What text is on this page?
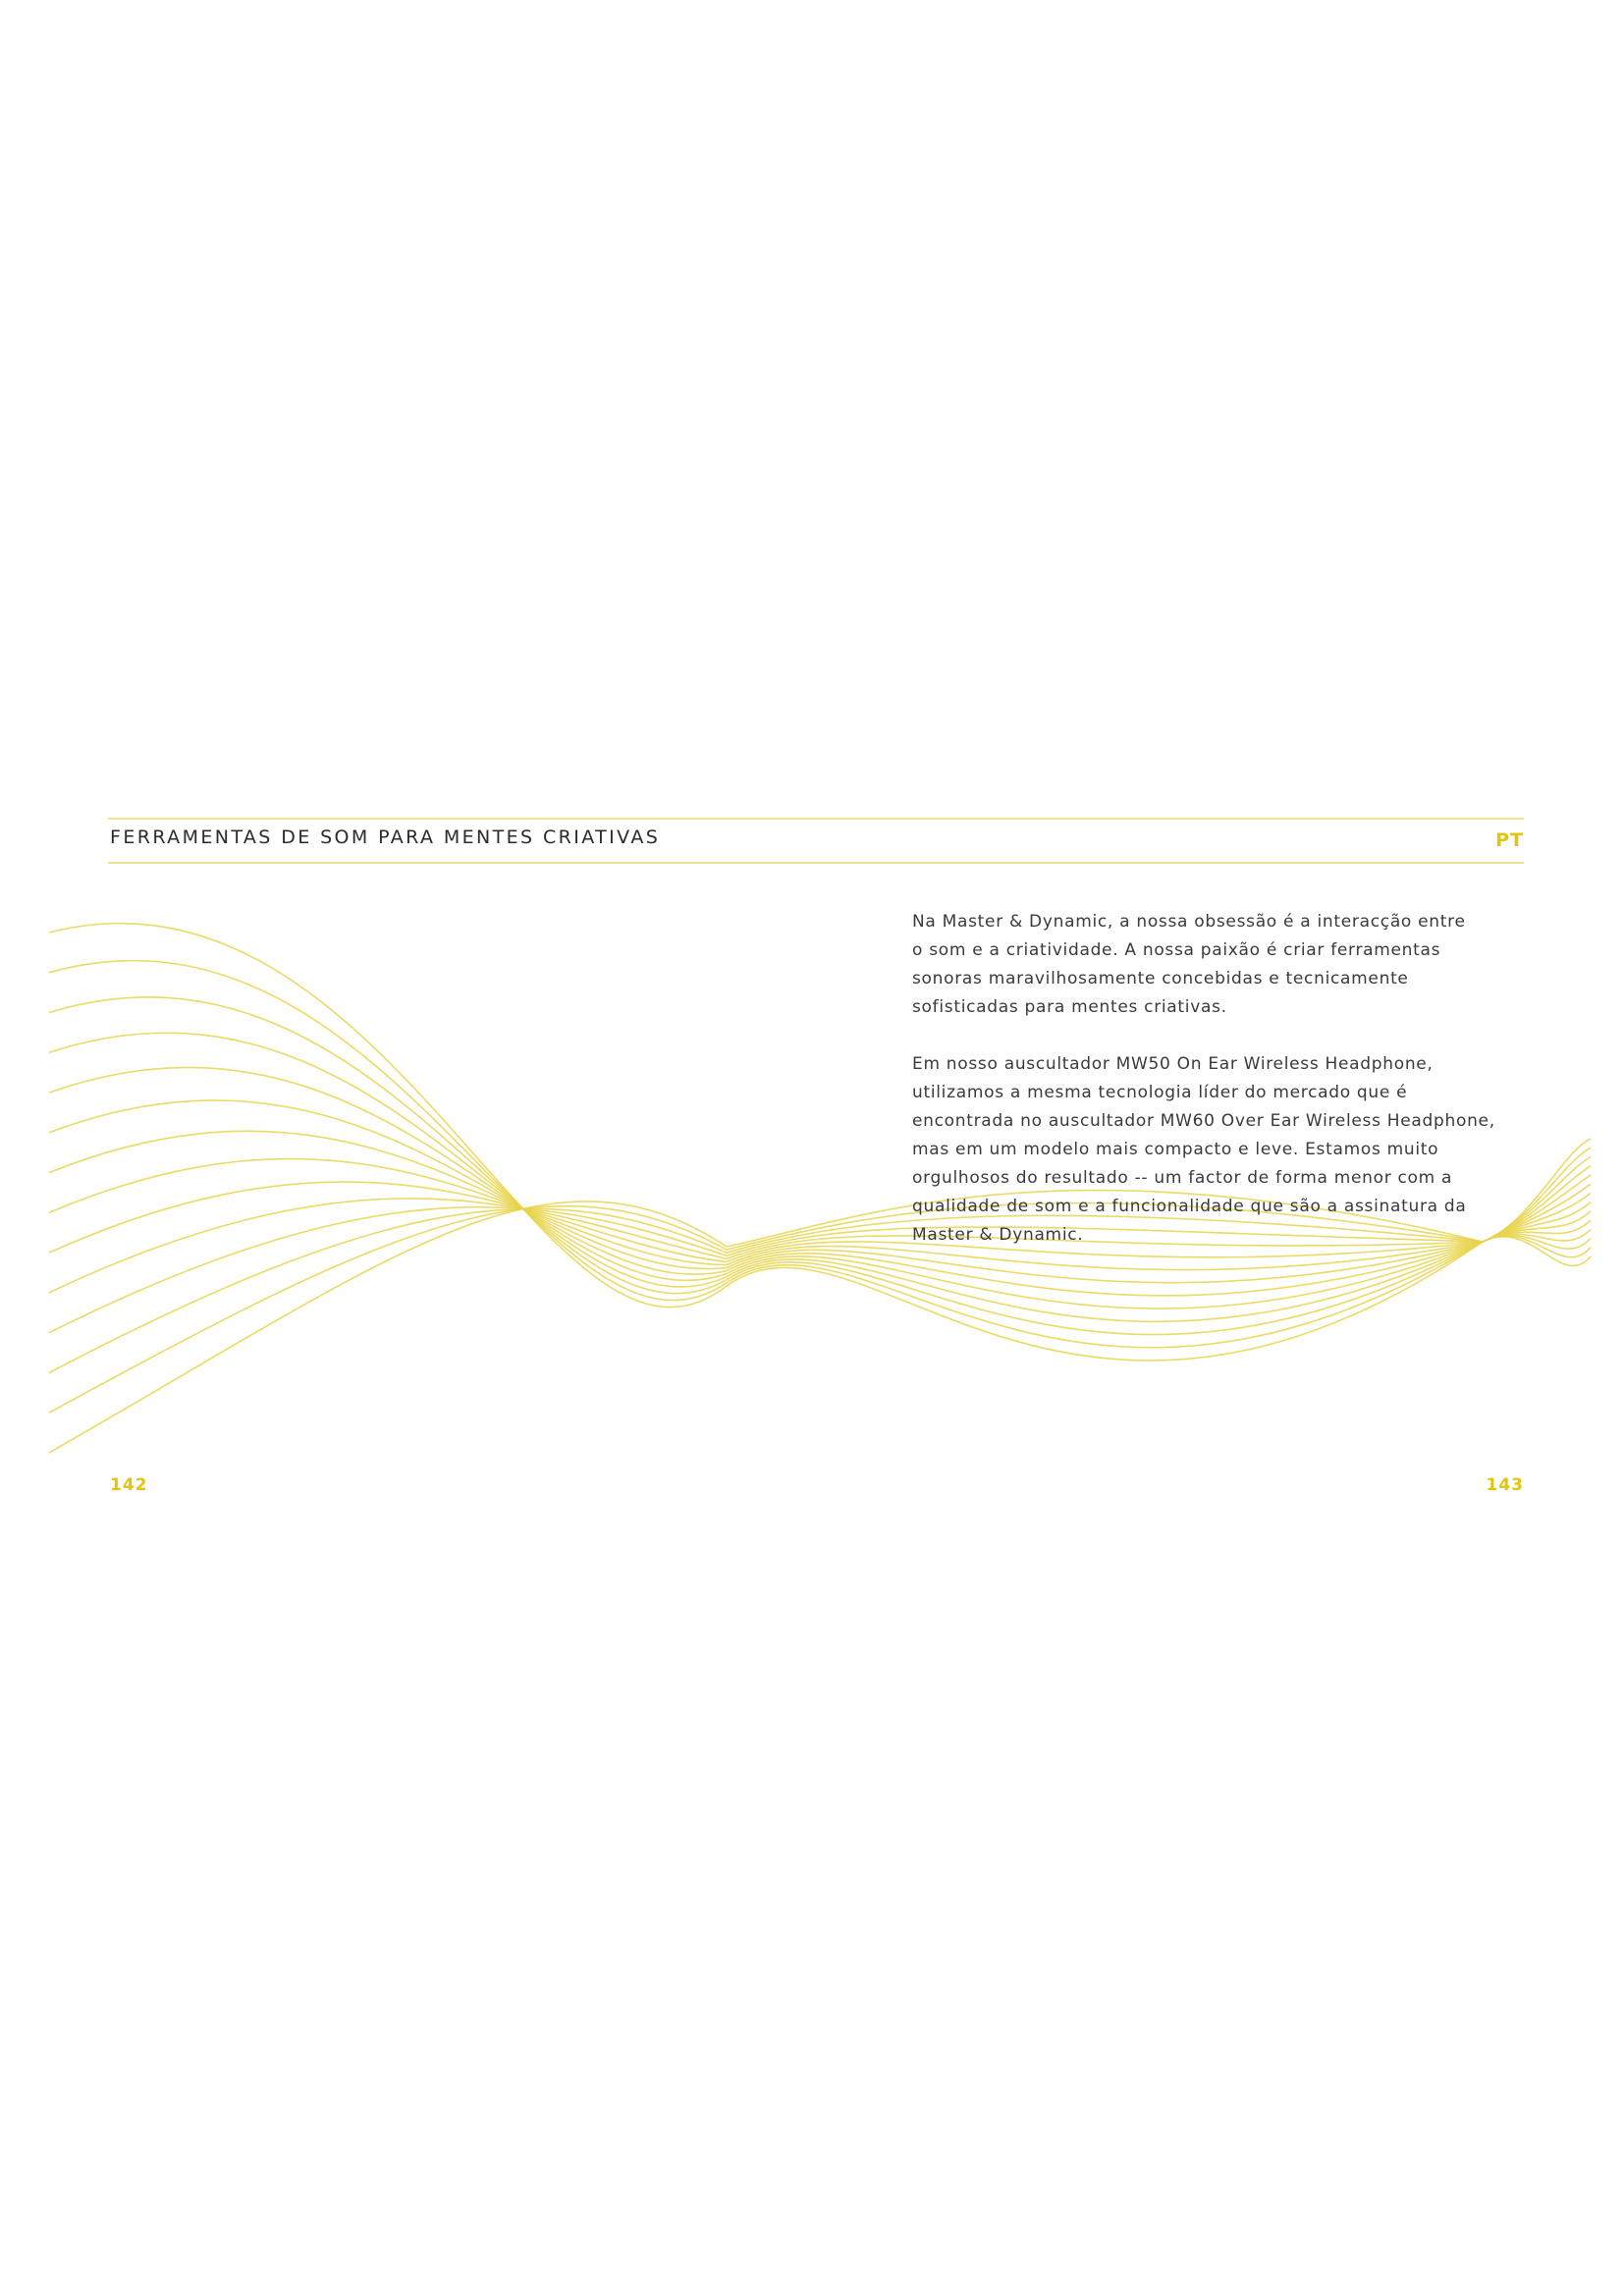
FERRAMENTAS DE SOM PARA MENTES CRIATIVAS	PT

Na Master & Dynamic, a nossa obsessão é a interacção entre
o som e a criatividade. A nossa paixão é criar ferramentas
sonoras maravilhosamente concebidas e tecnicamente
sofisticadas para mentes criativas.

Em nosso auscultador MW50 On Ear Wireless Headphone,
utilizamos a mesma tecnologia líder do mercado que é
encontrada no auscultador MW60 Over Ear Wireless Headphone,
mas em um modelo mais compacto e leve. Estamos muito
orgulhosos do resultado -- um factor de forma menor com a
qualidade de som e a funcionalidade que são a assinatura da
Master & Dynamic.

142	143
